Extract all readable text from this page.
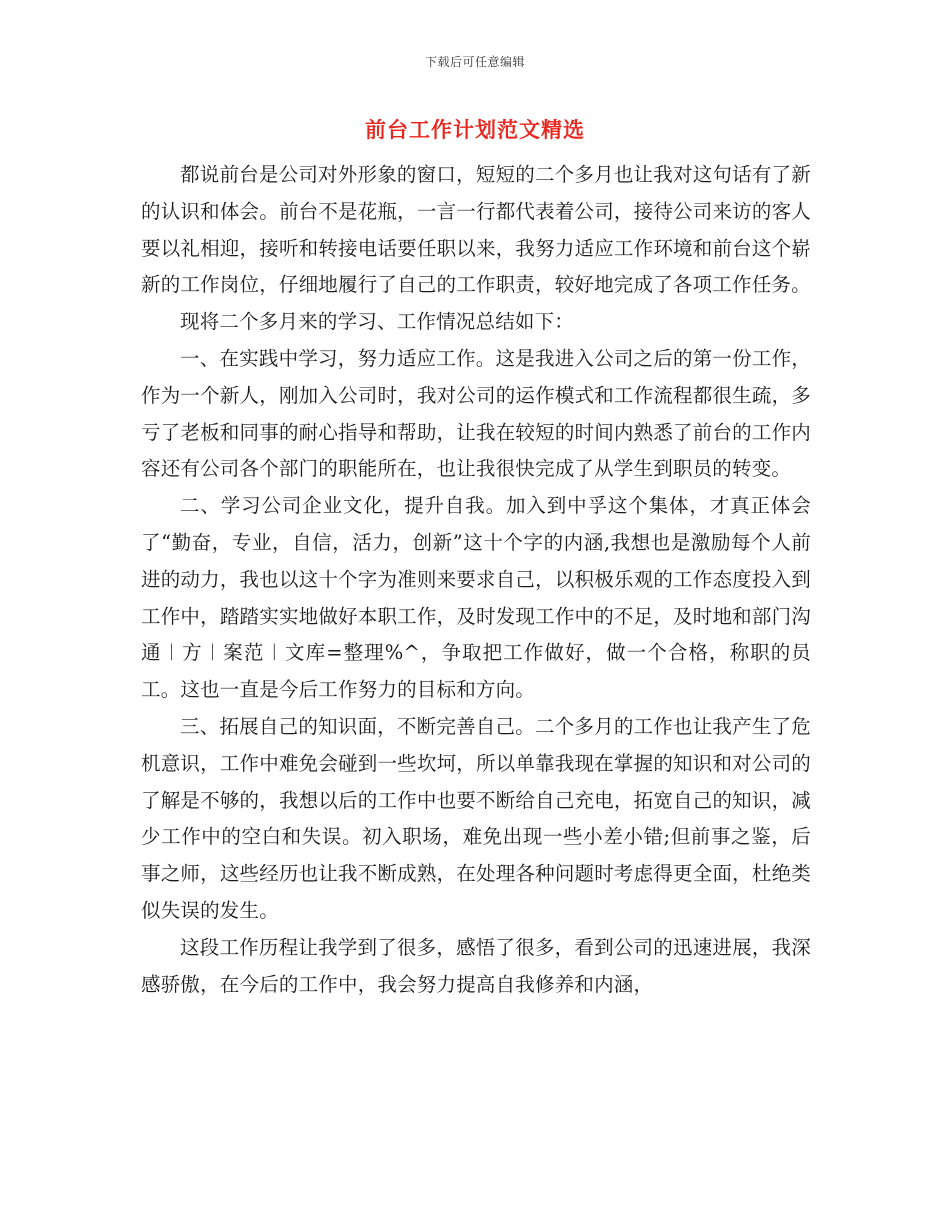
下载后可任意编辑
前台工作计划范文精选

都说前台是公司对外形象的窗口，短短的二个多月也让我对这句话有了新的认识和体会。前台不是花瓶，一言一行都代表着公司，接待公司来访的客人要以礼相迎，接听和转接电话要任职以来，我努力适应工作环境和前台这个崭新的工作岗位，仔细地履行了自己的工作职责，较好地完成了各项工作任务。

现将二个多月来的学习、工作情况总结如下：

一、在实践中学习，努力适应工作。这是我进入公司之后的第一份工作，作为一个新人，刚加入公司时，我对公司的运作模式和工作流程都很生疏，多亏了老板和同事的耐心指导和帮助，让我在较短的时间内熟悉了前台的工作内容还有公司各个部门的职能所在，也让我很快完成了从学生到职员的转变。

二、学习公司企业文化，提升自我。加入到中孚这个集体，才真正体会了“勤奋，专业，自信，活力，创新”这十个字的内涵,我想也是激励每个人前进的动力，我也以这十个字为准则来要求自己，以积极乐观的工作态度投入到工作中，踏踏实实地做好本职工作，及时发现工作中的不足，及时地和部门沟通︱方︱案范︱文库=整理%^，争取把工作做好，做一个合格，称职的员工。这也一直是今后工作努力的目标和方向。

三、拓展自己的知识面，不断完善自己。二个多月的工作也让我产生了危机意识，工作中难免会碰到一些坎坷，所以单靠我现在掌握的知识和对公司的了解是不够的，我想以后的工作中也要不断给自己充电，拓宽自己的知识，减少工作中的空白和失误。初入职场，难免出现一些小差小错;但前事之鉴，后事之师，这些经历也让我不断成熟，在处理各种问题时考虑得更全面，杜绝类似失误的发生。

这段工作历程让我学到了很多，感悟了很多，看到公司的迅速进展，我深感骄傲，在今后的工作中，我会努力提高自我修养和内涵，
